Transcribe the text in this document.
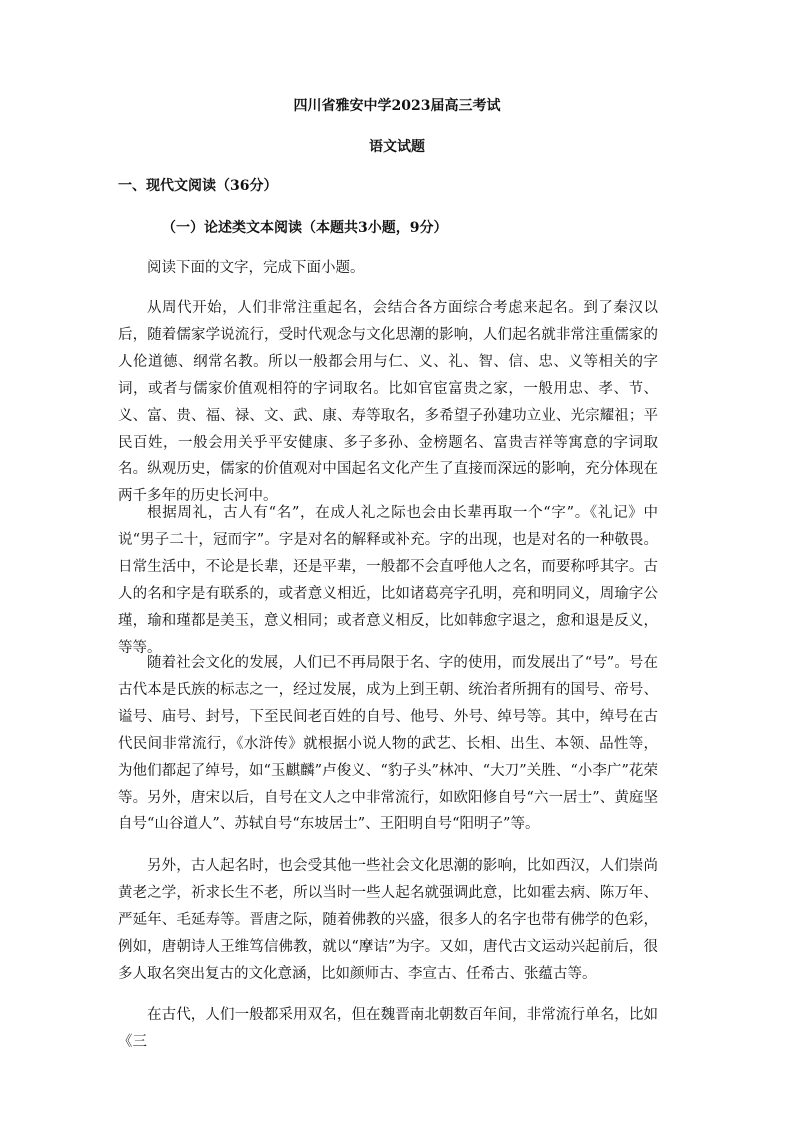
四川省雅安中学2023届高三考试
语文试题
一、现代文阅读（36分）
（一）论述类文本阅读（本题共3小题，9分）
阅读下面的文字，完成下面小题。

从周代开始，人们非常注重起名，会结合各方面综合考虑来起名。到了秦汉以后，随着儒家学说流行，受时代观念与文化思潮的影响，人们起名就非常注重儒家的人伦道德、纲常名教。所以一般都会用与仁、义、礼、智、信、忠、义等相关的字词，或者与儒家价值观相符的字词取名。比如官宦富贵之家，一般用忠、孝、节、义、富、贵、福、禄、文、武、康、寿等取名，多希望子孙建功立业、光宗耀祖；平民百姓，一般会用关乎平安健康、多子多孙、金榜题名、富贵吉祥等寓意的字词取名。纵观历史，儒家的价值观对中国起名文化产生了直接而深远的影响，充分体现在两千多年的历史长河中。

根据周礼，古人有“名”，在成人礼之际也会由长辈再取一个“字”。《礼记》中说“男子二十，冠而字”。字是对名的解释或补充。字的出现，也是对名的一种敬畏。日常生活中，不论是长辈，还是平辈，一般都不会直呼他人之名，而要称呼其字。古人的名和字是有联系的，或者意义相近，比如诸葛亮字孔明，亮和明同义，周瑜字公瑾，瑜和瑾都是美玉，意义相同；或者意义相反，比如韩愈字退之，愈和退是反义，等等。

随着社会文化的发展，人们已不再局限于名、字的使用，而发展出了“号”。号在古代本是氏族的标志之一，经过发展，成为上到王朝、统治者所拥有的国号、帝号、谥号、庙号、封号，下至民间老百姓的自号、他号、外号、绰号等。其中，绰号在古代民间非常流行，《水浒传》就根据小说人物的武艺、长相、出生、本领、品性等，为他们都起了绰号，如“玉麒麟”卢俊义、“豹子头”林冲、“大刀”关胜、“小李广”花荣等。另外，唐宋以后，自号在文人之中非常流行，如欧阳修自号“六一居士”、黄庭坚自号“山谷道人”、苏轼自号“东坡居士”、王阳明自号“阳明子”等。

另外，古人起名时，也会受其他一些社会文化思潮的影响，比如西汉，人们崇尚黄老之学，祈求长生不老，所以当时一些人起名就强调此意，比如霍去病、陈万年、严延年、毛延寿等。晋唐之际，随着佛教的兴盛，很多人的名字也带有佛学的色彩，例如，唐朝诗人王维笃信佛教，就以“摩诘”为字。又如，唐代古文运动兴起前后，很多人取名突出复古的文化意涵，比如颜师古、李宣古、任希古、张蕴古等。

在古代，人们一般都采用双名，但在魏晋南北朝数百年间，非常流行单名，比如《三
